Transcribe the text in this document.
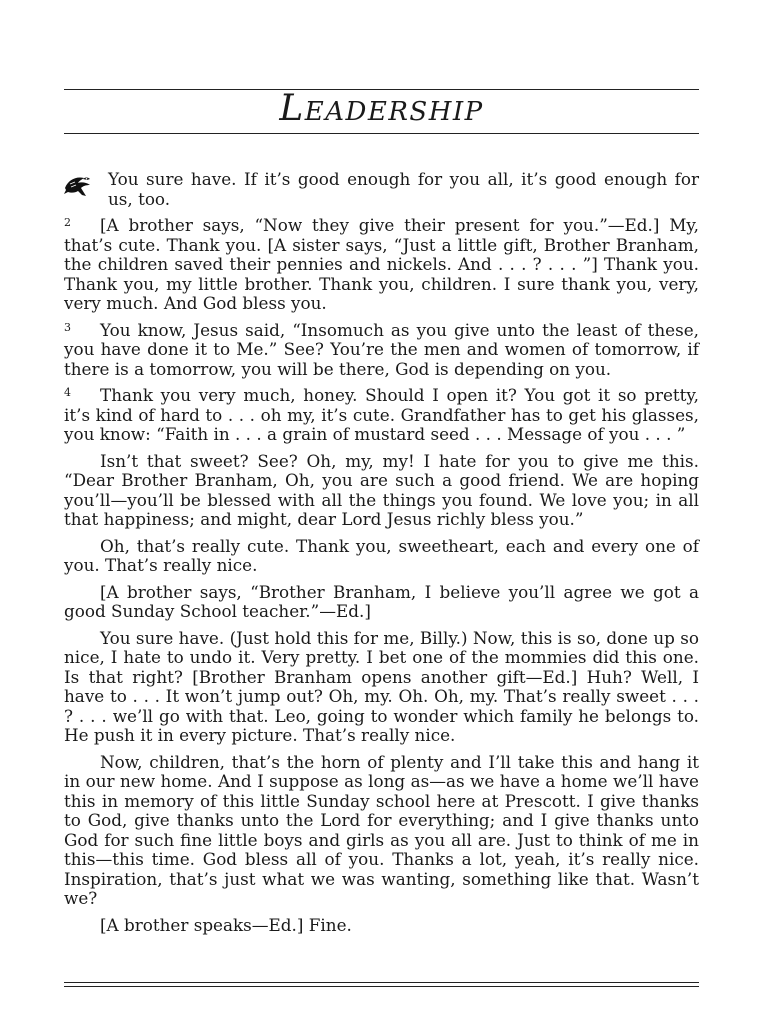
LEADERSHIP

You sure have. If it’s good enough for you all, it’s good enough for us, too.

2 [A brother says, “Now they give their present for you.”—Ed.] My, that’s cute. Thank you. [A sister says, “Just a little gift, Brother Branham, the children saved their pennies and nickels. And . . . ? . . . ”] Thank you. Thank you, my little brother. Thank you, children. I sure thank you, very, very much. And God bless you.

3 You know, Jesus said, “Insomuch as you give unto the least of these, you have done it to Me.” See? You’re the men and women of tomorrow, if there is a tomorrow, you will be there, God is depending on you.

4 Thank you very much, honey. Should I open it? You got it so pretty, it’s kind of hard to . . . oh my, it’s cute. Grandfather has to get his glasses, you know: “Faith in . . . a grain of mustard seed . . . Message of you . . . ”

Isn’t that sweet? See? Oh, my, my! I hate for you to give me this. “Dear Brother Branham, Oh, you are such a good friend. We are hoping you’ll—you’ll be blessed with all the things you found. We love you; in all that happiness; and might, dear Lord Jesus richly bless you.”

Oh, that’s really cute. Thank you, sweetheart, each and every one of you. That’s really nice.

[A brother says, “Brother Branham, I believe you’ll agree we got a good Sunday School teacher.”—Ed.]

You sure have. (Just hold this for me, Billy.) Now, this is so, done up so nice, I hate to undo it. Very pretty. I bet one of the mommies did this one. Is that right? [Brother Branham opens another gift—Ed.] Huh? Well, I have to . . . It won’t jump out? Oh, my. Oh. Oh, my. That’s really sweet . . . ? . . . we’ll go with that. Leo, going to wonder which family he belongs to. He push it in every picture. That’s really nice.

Now, children, that’s the horn of plenty and I’ll take this and hang it in our new home. And I suppose as long as—as we have a home we’ll have this in memory of this little Sunday school here at Prescott. I give thanks to God, give thanks unto the Lord for everything; and I give thanks unto God for such fine little boys and girls as you all are. Just to think of me in this—this time. God bless all of you. Thanks a lot, yeah, it’s really nice. Inspiration, that’s just what we was wanting, something like that. Wasn’t we?

[A brother speaks—Ed.] Fine.
